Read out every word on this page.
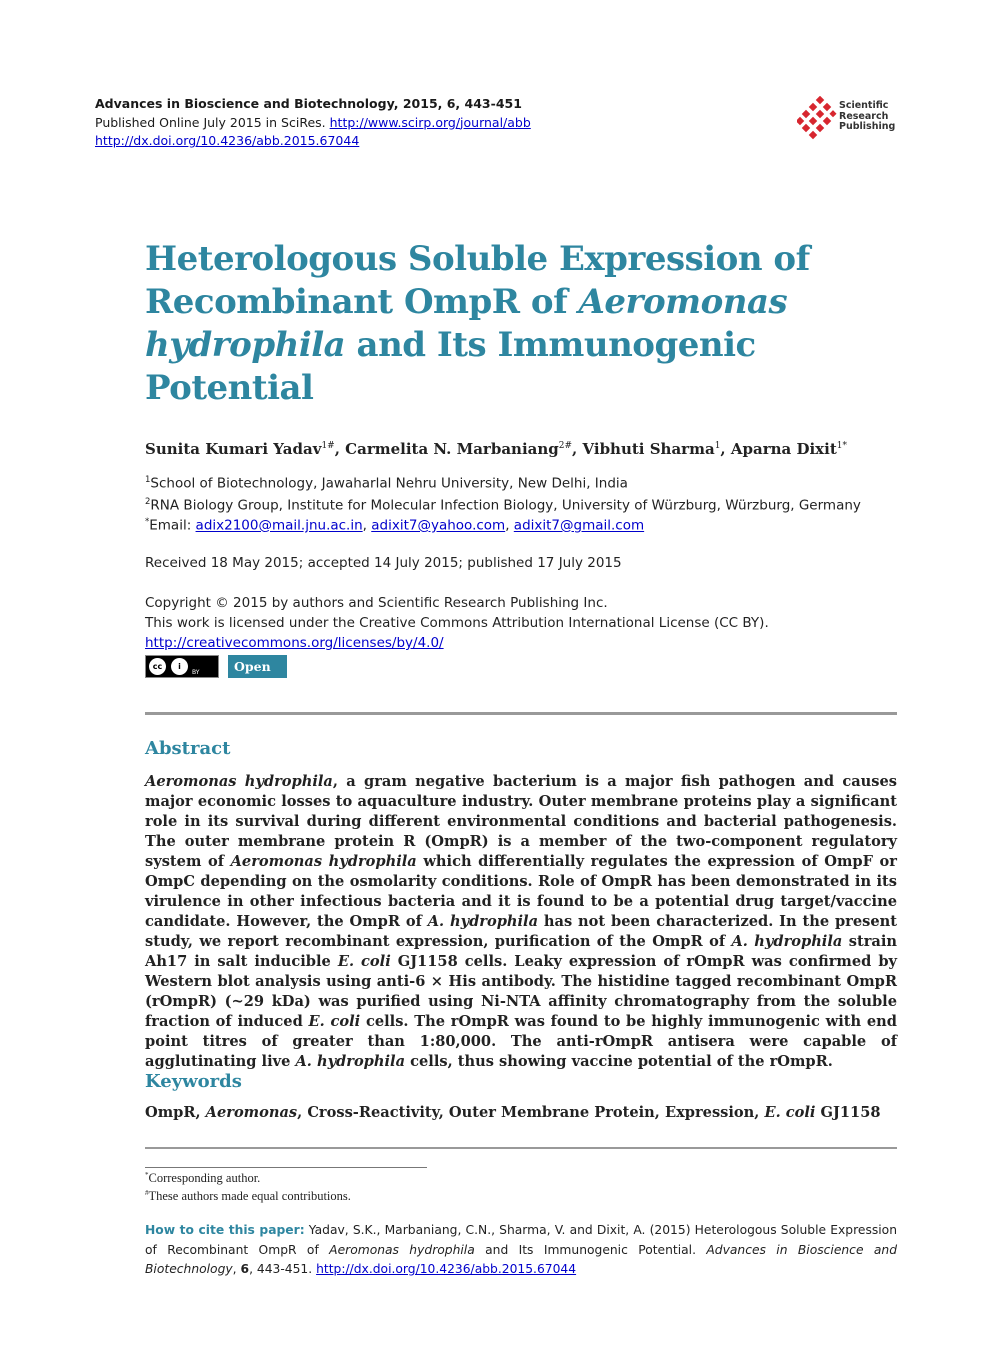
Advances in Bioscience and Biotechnology, 2015, 6, 443-451
Published Online July 2015 in SciRes. http://www.scirp.org/journal/abb
http://dx.doi.org/10.4236/abb.2015.67044
Scientific
Research
Publishing
Heterologous Soluble Expression of Recombinant OmpR of Aeromonas hydrophila and Its Immunogenic Potential
Sunita Kumari Yadav$^{1\#}$, Carmelita N. Marbaniang$^{2\#}$, Vibhuti Sharma$^1$, Aparna Dixit$^{1*}$
$^1$School of Biotechnology, Jawaharlal Nehru University, New Delhi, India
$^2$RNA Biology Group, Institute for Molecular Infection Biology, University of Würzburg, Würzburg, Germany
*Email: adix2100@mail.jnu.ac.in, adixit7@yahoo.com, adixit7@gmail.com
Received 18 May 2015; accepted 14 July 2015; published 17 July 2015
Copyright © 2015 by authors and Scientific Research Publishing Inc.
This work is licensed under the Creative Commons Attribution International License (CC BY).
http://creativecommons.org/licenses/by/4.0/
cc	i
BY	Open Access
Abstract

Aeromonas hydrophila, a gram negative bacterium is a major fish pathogen and causes major economic losses to aquaculture industry. Outer membrane proteins play a significant role in its survival during different environmental conditions and bacterial pathogenesis. The outer membrane protein R (OmpR) is a member of the two-component regulatory system of Aeromonas hydrophila which differentially regulates the expression of OmpF or OmpC depending on the osmolarity conditions. Role of OmpR has been demonstrated in its virulence in other infectious bacteria and it is found to be a potential drug target/vaccine candidate. However, the OmpR of A. hydrophila has not been characterized. In the present study, we report recombinant expression, purification of the OmpR of A. hydrophila strain Ah17 in salt inducible E. coli GJ1158 cells. Leaky expression of rOmpR was confirmed by Western blot analysis using anti-6 × His antibody. The histidine tagged recombinant OmpR (rOmpR) (~29 kDa) was purified using Ni-NTA affinity chromatography from the soluble fraction of induced E. coli cells. The rOmpR was found to be highly immunogenic with end point titres of greater than 1:80,000. The anti-rOmpR antisera were capable of agglutinating live A. hydrophila cells, thus showing vaccine potential of the rOmpR.

Keywords
OmpR, Aeromonas, Cross-Reactivity, Outer Membrane Protein, Expression, E. coli GJ1158
*Corresponding author.
#These authors made equal contributions.

How to cite this paper: Yadav, S.K., Marbaniang, C.N., Sharma, V. and Dixit, A. (2015) Heterologous Soluble Expression of Recombinant OmpR of Aeromonas hydrophila and Its Immunogenic Potential. Advances in Bioscience and Biotechnology, 6, 443-451. http://dx.doi.org/10.4236/abb.2015.67044
